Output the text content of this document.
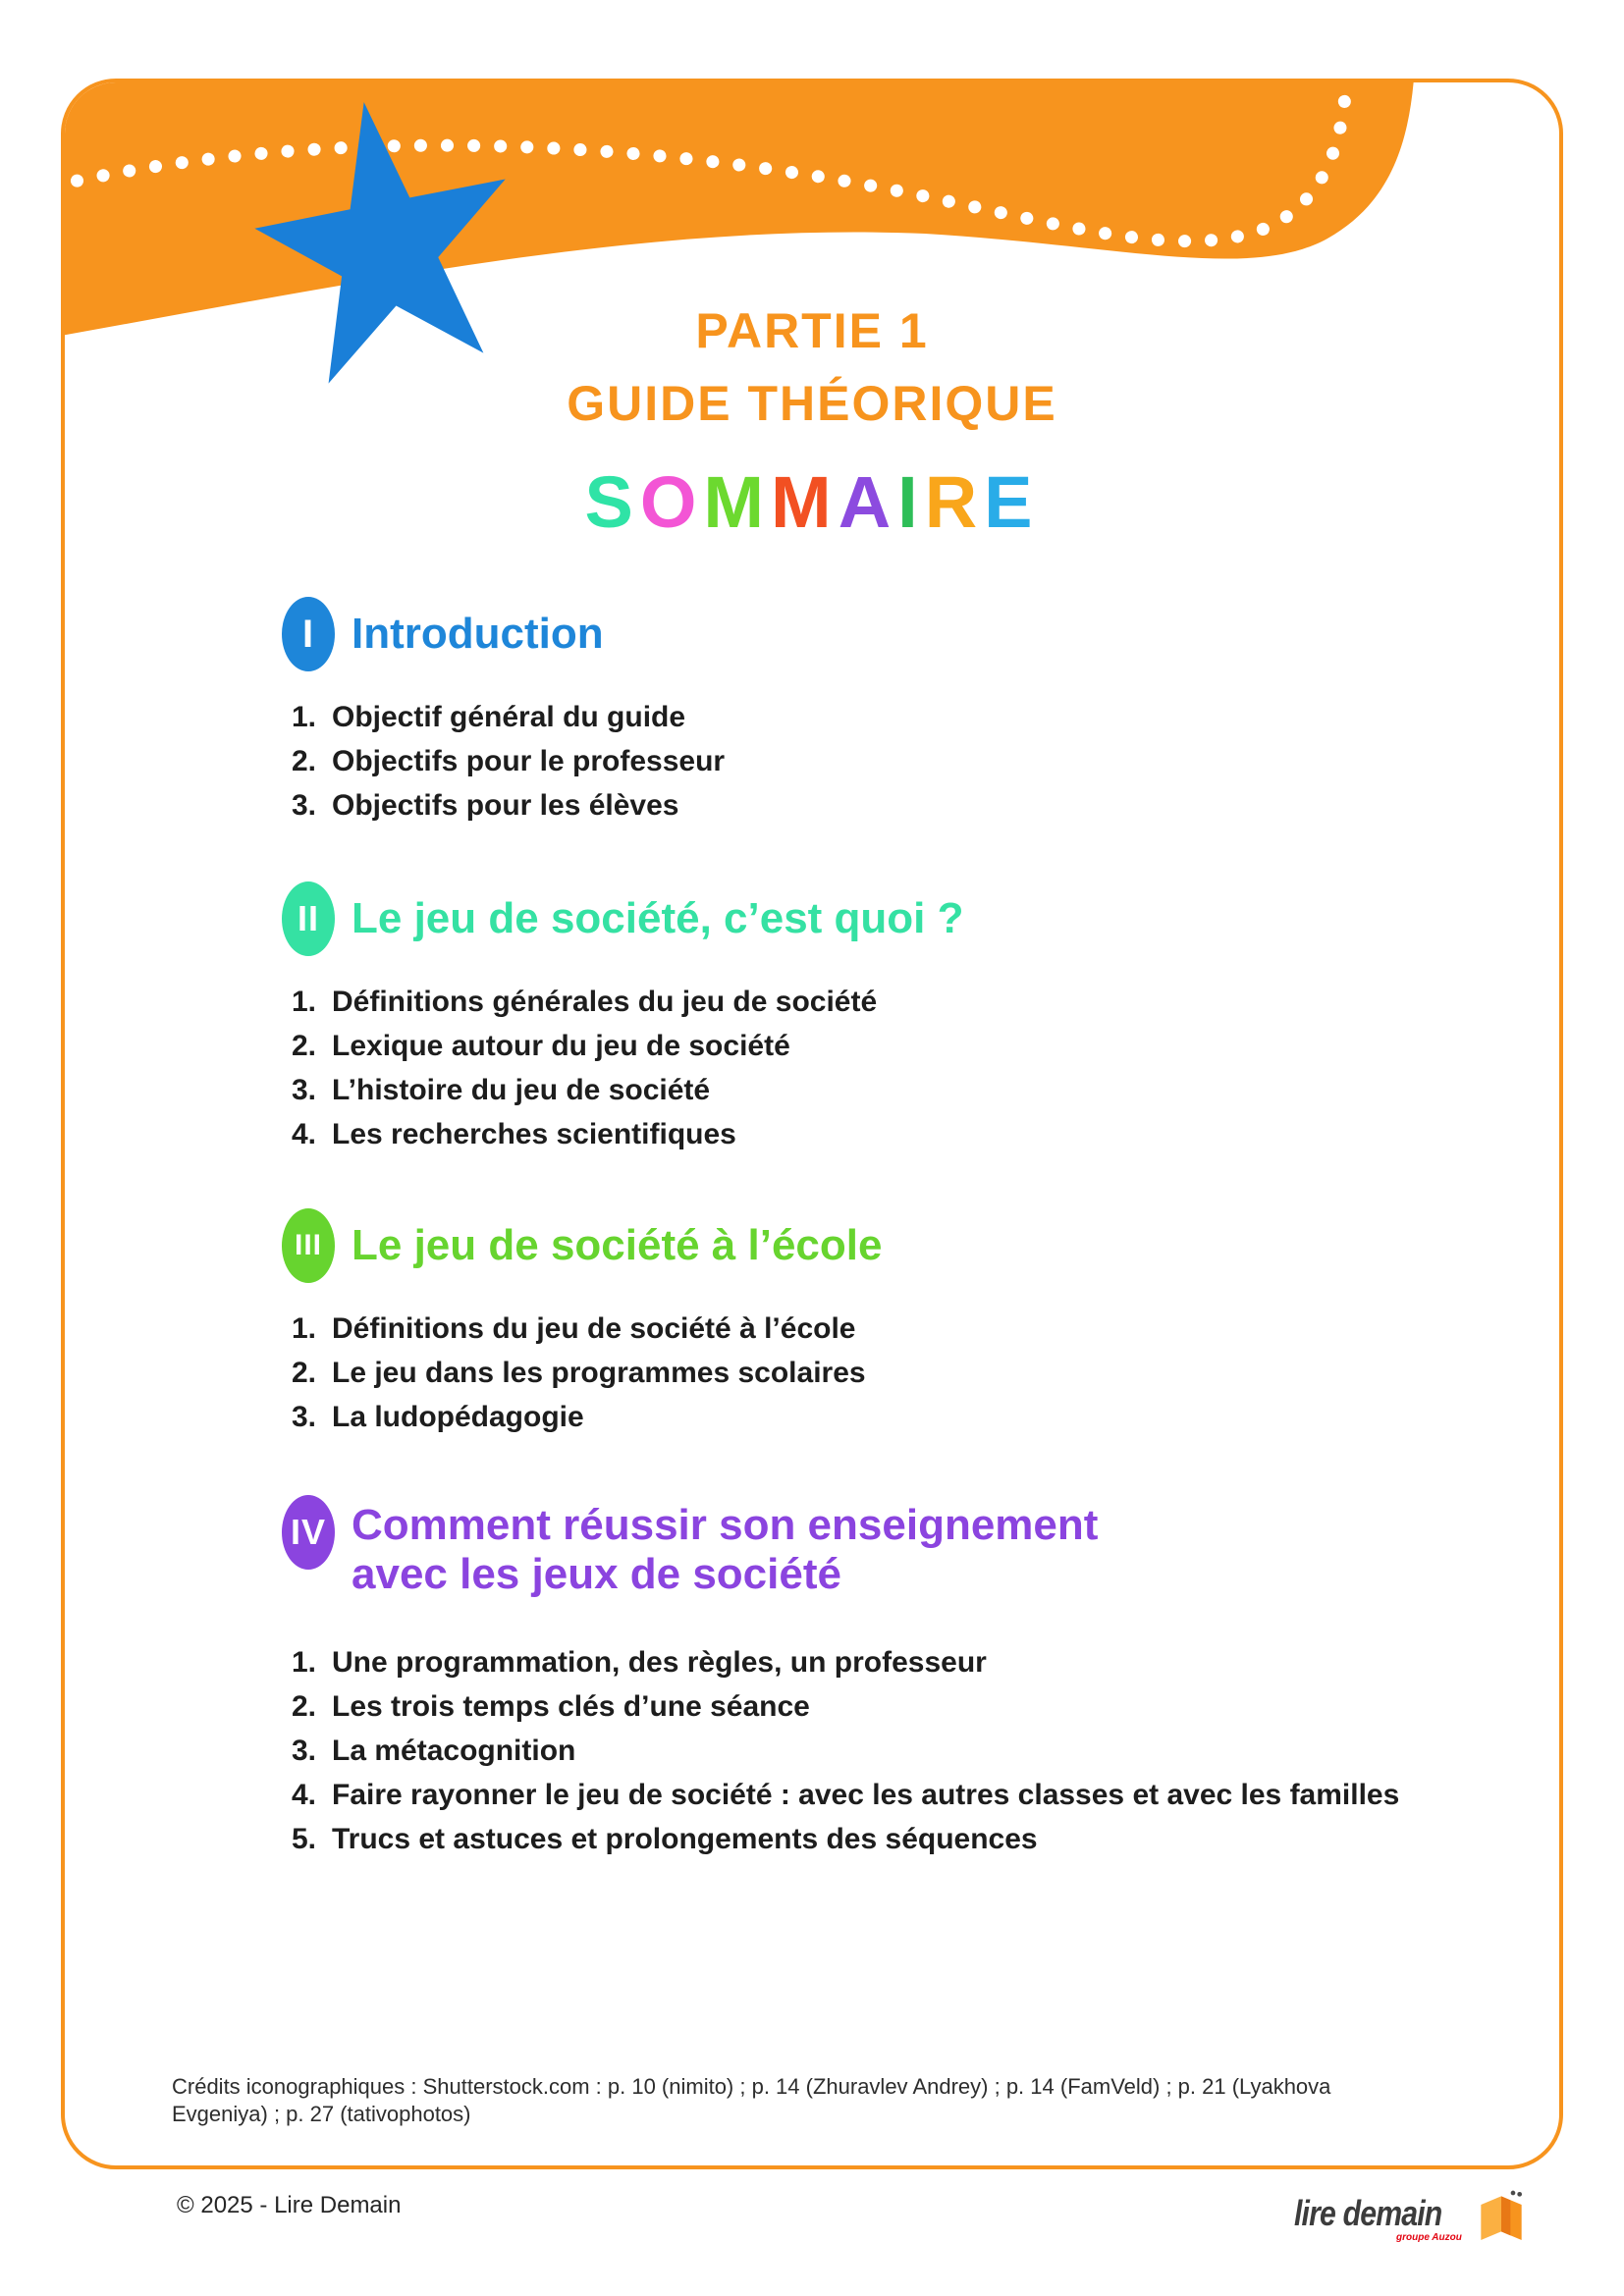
PARTIE 1
GUIDE THÉORIQUE
SOMMAIRE
I Introduction
1. Objectif général du guide
2. Objectifs pour le professeur
3. Objectifs pour les élèves
II Le jeu de société, c’est quoi ?
1. Définitions générales du jeu de société
2. Lexique autour du jeu de société
3. L’histoire du jeu de société
4. Les recherches scientifiques
III Le jeu de société à l’école
1. Définitions du jeu de société à l’école
2. Le jeu dans les programmes scolaires
3. La ludopédagogie
IV Comment réussir son enseignement
avec les jeux de société
1. Une programmation, des règles, un professeur
2. Les trois temps clés d’une séance
3. La métacognition
4. Faire rayonner le jeu de société : avec les autres classes et avec les familles
5. Trucs et astuces et prolongements des séquences
Crédits iconographiques : Shutterstock.com : p. 10 (nimito) ; p. 14 (Zhuravlev Andrey) ; p. 14 (FamVeld) ; p. 21 (Lyakhova
Evgeniya) ; p. 27 (tativophotos)
© 2025 - Lire Demain	lire demain
groupe Auzou
